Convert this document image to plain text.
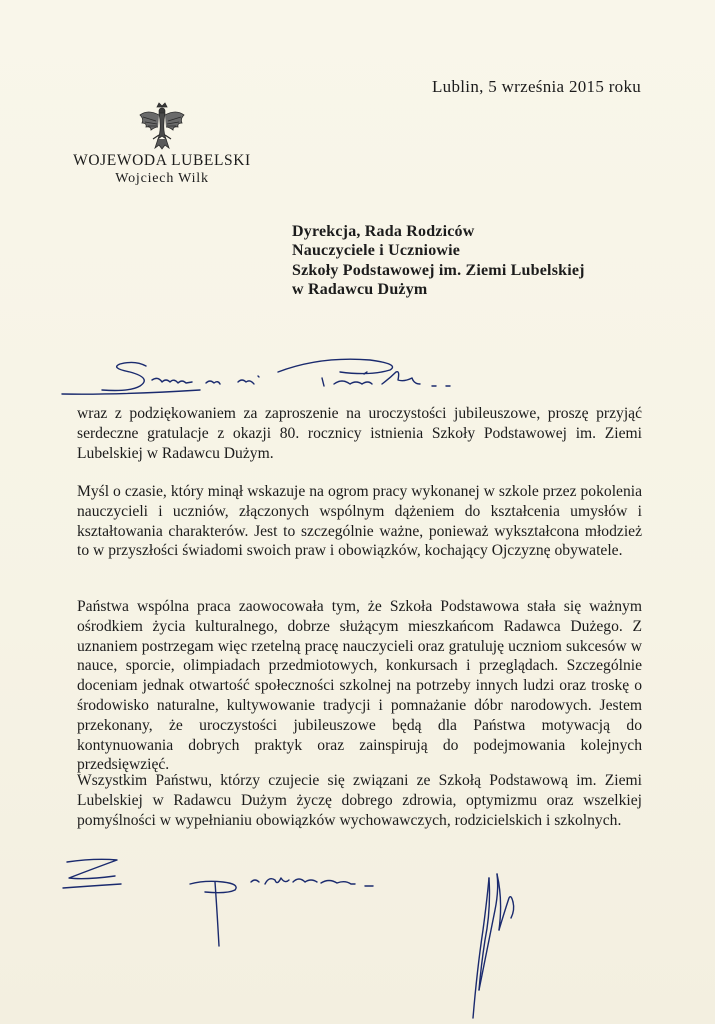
Lublin, 5 września 2015 roku
WOJEWODA LUBELSKI
Wojciech Wilk
Dyrekcja, Rada Rodziców
Nauczyciele i Uczniowie
Szkoły Podstawowej im. Ziemi Lubelskiej
w Radawcu Dużym
wraz z podziękowaniem za zaproszenie na uroczystości jubileuszowe, proszę przyjąć serdeczne gratulacje z okazji 80. rocznicy istnienia Szkoły Podstawowej im. Ziemi Lubelskiej w Radawcu Dużym.
Myśl o czasie, który minął wskazuje na ogrom pracy wykonanej w szkole przez pokolenia nauczycieli i uczniów, złączonych wspólnym dążeniem do kształcenia umysłów i kształtowania charakterów. Jest to szczególnie ważne, ponieważ wykształcona młodzież to w przyszłości świadomi swoich praw i obowiązków, kochający Ojczyznę obywatele.
Państwa wspólna praca zaowocowała tym, że Szkoła Podstawowa stała się ważnym ośrodkiem życia kulturalnego, dobrze służącym mieszkańcom Radawca Dużego. Z uznaniem postrzegam więc rzetelną pracę nauczycieli oraz gratuluję uczniom sukcesów w nauce, sporcie, olimpiadach przedmiotowych, konkursach i przeglądach. Szczególnie doceniam jednak otwartość społeczności szkolnej na potrzeby innych ludzi oraz troskę o środowisko naturalne, kultywowanie tradycji i pomnażanie dóbr narodowych. Jestem przekonany, że uroczystości jubileuszowe będą dla Państwa motywacją do kontynuowania dobrych praktyk oraz zainspirują do podejmowania kolejnych przedsięwzięć.
Wszystkim Państwu, którzy czujecie się związani ze Szkołą Podstawową im. Ziemi Lubelskiej w Radawcu Dużym życzę dobrego zdrowia, optymizmu oraz wszelkiej pomyślności w wypełnianiu obowiązków wychowawczych, rodzicielskich i szkolnych.
